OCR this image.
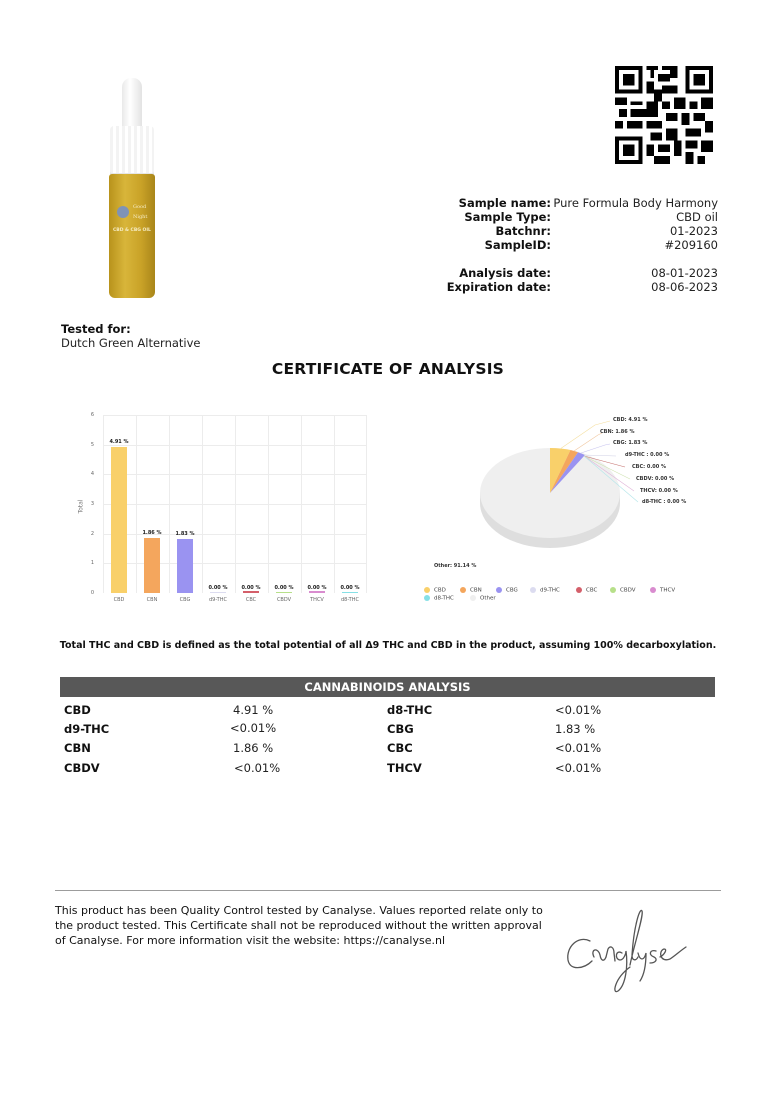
Good
Night
CBD & CBG OIL
Sample name: Pure Formula Body Harmony
Sample Type:	CBD oil
Batchnr:	01-2023
SampleID:	#209160
Analysis date:	08-01-2023
Expiration date:	08-06-2023
Tested for:
Dutch Green Alternative
CERTIFICATE OF ANALYSIS
4.91 %
1.86 %	1.83 %
0.00 %	0.00 %	0.00 %	0.00 %	0.00 %
CBD	CBN	CBG	d9-THC	CBC	CBDV	THCV	d8-THC
6
5
4
3
2
1
0
Total
CBD: 4.91 %
CBN: 1.86 %
CBG: 1.83 %
d9-THC : 0.00 %
CBC: 0.00 %
CBDV: 0.00 %
THCV: 0.00 %
d8-THC : 0.00 %
Other: 91.14 %
CBD	CBN	CBG	d9-THC	CBC	CBDV	THCV
d8-THC	Other
Total THC and CBD is defined as the total potential of all Δ9 THC and CBD in the product, assuming 100% decarboxylation.
CANNABINOIDS ANALYSIS
CBD	4.91 %	d8-THC	<0.01%
d9-THC	<0.01%	CBG	1.83 %
CBN	1.86 %	CBC	<0.01%
CBDV	<0.01%	THCV	<0.01%
This product has been Quality Control tested by Canalyse. Values reported relate only to the product tested. This Certificate shall not be reproduced without the written approval of Canalyse. For more information visit the website: https://canalyse.nl
